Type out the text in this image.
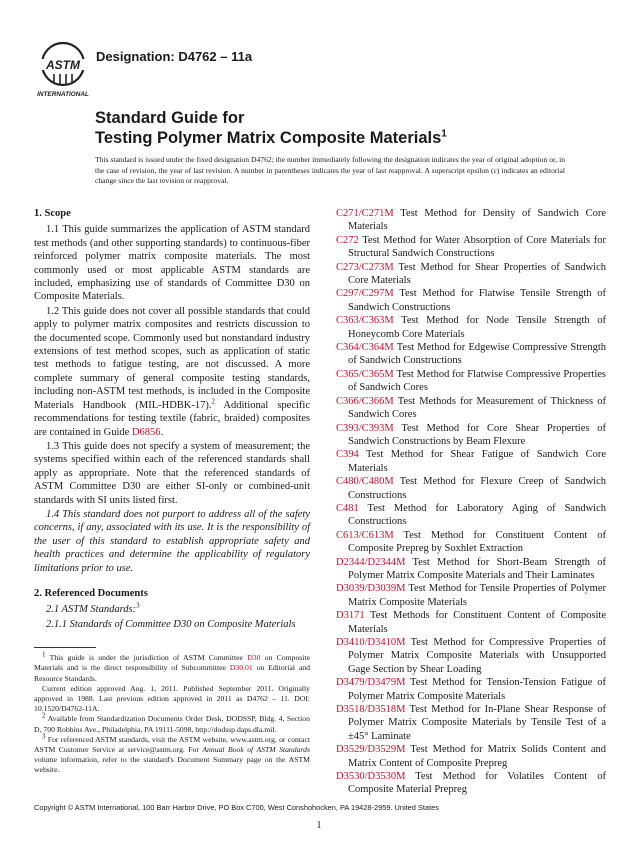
ASTM
INTERNATIONAL
Designation: D4762 – 11a
Standard Guide for
Testing Polymer Matrix Composite Materials$^1$
This standard is issued under the fixed designation D4762; the number immediately following the designation indicates the year of original adoption or, in the case of revision, the year of last revision. A number in parentheses indicates the year of last reapproval. A superscript epsilon (ε) indicates an editorial change since the last revision or reapproval.
1. Scope
1.1 This guide summarizes the application of ASTM standard test methods (and other supporting standards) to continuous-fiber reinforced polymer matrix composite materials. The most commonly used or most applicable ASTM standards are included, emphasizing use of standards of Committee D30 on Composite Materials.
1.2 This guide does not cover all possible standards that could apply to polymer matrix composites and restricts discussion to the documented scope. Commonly used but nonstandard industry extensions of test method scopes, such as application of static test methods to fatigue testing, are not discussed. A more complete summary of general composite testing standards, including non-ASTM test methods, is included in the Composite Materials Handbook (MIL-HDBK-17).$^2$ Additional specific recommendations for testing textile (fabric, braided) composites are contained in Guide D6856.
1.3 This guide does not specify a system of measurement; the systems specified within each of the referenced standards shall apply as appropriate. Note that the referenced standards of ASTM Committee D30 are either SI-only or combined-unit standards with SI units listed first.
1.4 This standard does not purport to address all of the safety concerns, if any, associated with its use. It is the responsibility of the user of this standard to establish appropriate safety and health practices and determine the applicability of regulatory limitations prior to use.
2. Referenced Documents
2.1 ASTM Standards:$^3$
2.1.1 Standards of Committee D30 on Composite Materials
$^1$ This guide is under the jurisdiction of ASTM Committee D30 on Composite Materials and is the direct responsibility of Subcommittee D30.01 on Editorial and Resource Standards.
Current edition approved Aug. 1, 2011. Published September 2011. Originally approved in 1988. Last previous edition approved in 2011 as D4762 – 11. DOI: 10.1520/D4762-11A.
$^2$ Available from Standardization Documents Order Desk, DODSSP, Bldg. 4, Section D, 700 Robbins Ave., Philadelphia, PA 19111-5098, http://dodssp.daps.dla.mil.
$^3$ For referenced ASTM standards, visit the ASTM website, www.astm.org, or contact ASTM Customer Service at service@astm.org. For Annual Book of ASTM Standards volume information, refer to the standard's Document Summary page on the ASTM website.
C271/C271M Test Method for Density of Sandwich Core Materials
C272 Test Method for Water Absorption of Core Materials for Structural Sandwich Constructions
C273/C273M Test Method for Shear Properties of Sandwich Core Materials
C297/C297M Test Method for Flatwise Tensile Strength of Sandwich Constructions
C363/C363M Test Method for Node Tensile Strength of Honeycomb Core Materials
C364/C364M Test Method for Edgewise Compressive Strength of Sandwich Constructions
C365/C365M Test Method for Flatwise Compressive Properties of Sandwich Cores
C366/C366M Test Methods for Measurement of Thickness of Sandwich Cores
C393/C393M Test Method for Core Shear Properties of Sandwich Constructions by Beam Flexure
C394 Test Method for Shear Fatigue of Sandwich Core Materials
C480/C480M Test Method for Flexure Creep of Sandwich Constructions
C481 Test Method for Laboratory Aging of Sandwich Constructions
C613/C613M Test Method for Constituent Content of Composite Prepreg by Soxhlet Extraction
D2344/D2344M Test Method for Short-Beam Strength of Polymer Matrix Composite Materials and Their Laminates
D3039/D3039M Test Method for Tensile Properties of Polymer Matrix Composite Materials
D3171 Test Methods for Constituent Content of Composite Materials
D3410/D3410M Test Method for Compressive Properties of Polymer Matrix Composite Materials with Unsupported Gage Section by Shear Loading
D3479/D3479M Test Method for Tension-Tension Fatigue of Polymer Matrix Composite Materials
D3518/D3518M Test Method for In-Plane Shear Response of Polymer Matrix Composite Materials by Tensile Test of a ±45° Laminate
D3529/D3529M Test Method for Matrix Solids Content and Matrix Content of Composite Prepreg
D3530/D3530M Test Method for Volatiles Content of Composite Material Prepreg
Copyright © ASTM International, 100 Barr Harbor Drive, PO Box C700, West Conshohocken, PA 19428-2959. United States
1
